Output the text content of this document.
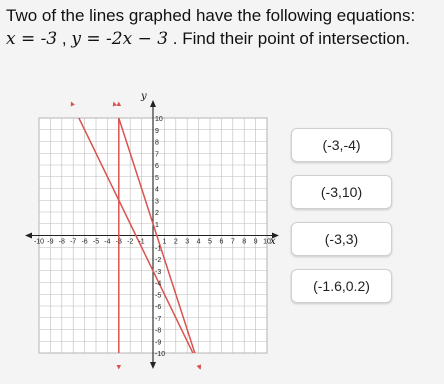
Two of the lines graphed have the following equations:
x = -3 , y = -2x − 3 . Find their point of intersection.

-10 -9 -8 -7 -6 -5 -4 -3 -2 -1	1 2 3 4 5 6 7 8 9 10
10
9
8
7
6
5
4
3
2
1
-1
-2
-3
-4
-5
-6
-7
-8
-9
-10
x
y
(-3,-4)
(-3,10)
(-3,3)
(-1.6,0.2)
